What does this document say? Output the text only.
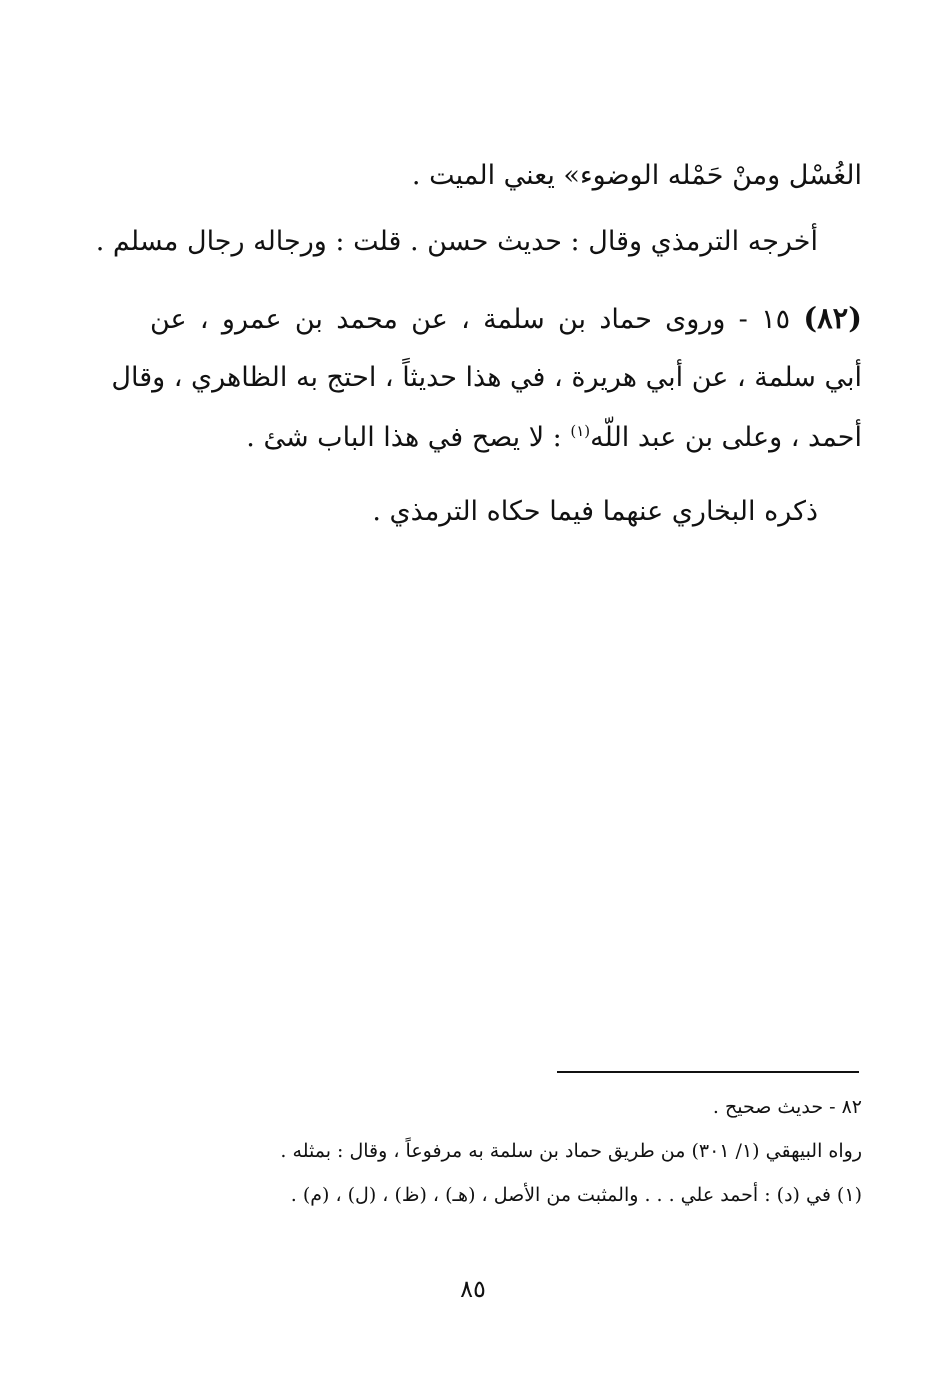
الغُسْل ومنْ حَمْله الوضوء» يعني الميت .
أخرجه الترمذي وقال : حديث حسن . قلت : ورجاله رجال مسلم .
(٨٢) ١٥ - وروى حماد بن سلمة ، عن محمد بن عمرو ، عن
أبي سلمة ، عن أبي هريرة ، في هذا حديثاً ، احتج به الظاهري ، وقال
أحمد ، وعلى بن عبد اللّه$^{(١)}$ : لا يصح في هذا الباب شئ .
ذكره البخاري عنهما فيما حكاه الترمذي .
٨٢ - حديث صحيح .
رواه البيهقي (١/ ٣٠١) من طريق حماد بن سلمة به مرفوعاً ، وقال : بمثله .
(١) في (د) : أحمد علي . . . والمثبت من الأصل ، (هـ) ، (ظ) ، (ل) ، (م) .
٨٥
